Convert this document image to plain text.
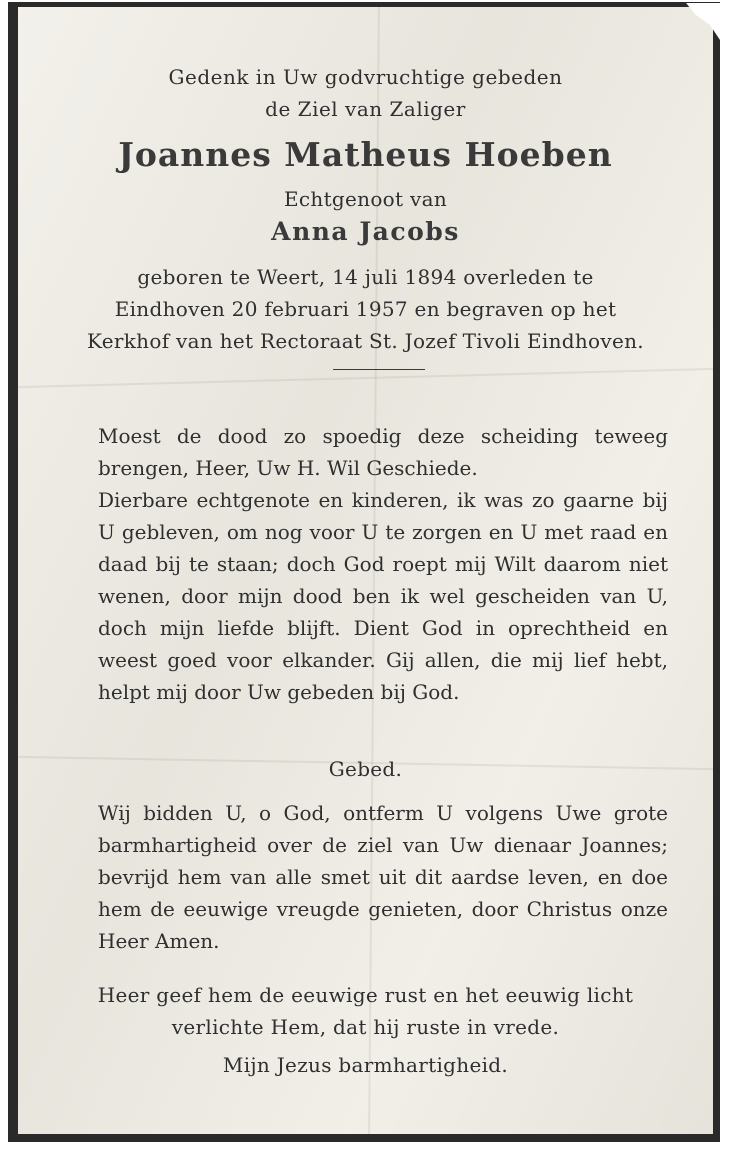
Gedenk in Uw godvruchtige gebeden
de Ziel van Zaliger
Joannes Matheus Hoeben
Echtgenoot van
Anna Jacobs
geboren te Weert, 14 juli 1894 overleden te
Eindhoven 20 februari 1957 en begraven op het
Kerkhof van het Rectoraat St. Jozef Tivoli Eindhoven.
Moest de dood zo spoedig deze scheiding teweeg brengen, Heer, Uw H. Wil Geschiede.
Dierbare echtgenote en kinderen, ik was zo gaarne bij U gebleven, om nog voor U te zorgen en U met raad en daad bij te staan; doch God roept mij Wilt daarom niet wenen, door mijn dood ben ik wel gescheiden van U, doch mijn liefde blijft. Dient God in oprechtheid en weest goed voor elkander. Gij allen, die mij lief hebt, helpt mij door Uw gebeden bij God.
Gebed.
Wij bidden U, o God, ontferm U volgens Uwe grote barmhartigheid over de ziel van Uw dienaar Joannes; bevrijd hem van alle smet uit dit aardse leven, en doe hem de eeuwige vreugde genieten, door Christus onze Heer Amen.
Heer geef hem de eeuwige rust en het eeuwig licht
verlichte Hem, dat hij ruste in vrede.
Mijn Jezus barmhartigheid.
